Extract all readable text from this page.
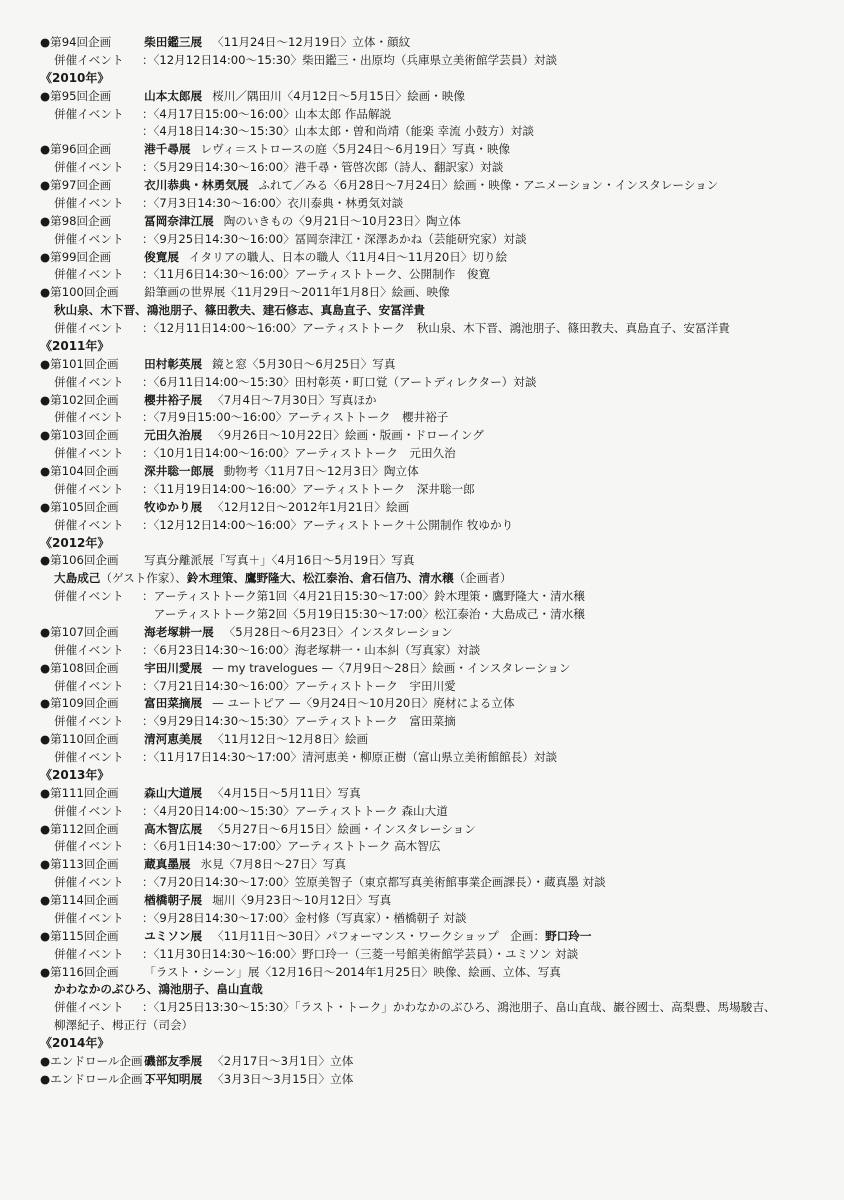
●第94回企画	柴田鑑三展 〈11月24日〜12月19日〉立体・顔紋
併催イベント ：〈12月12日14:00〜15:30〉柴田鑑三・出原均（兵庫県立美術館学芸員）対談
《2010年》
●第95回企画	山本太郎展 桜川／隅田川〈4月12日〜5月15日〉絵画・映像
併催イベント ：〈4月17日15:00〜16:00〉山本太郎 作品解説
：〈4月18日14:30〜15:30〉山本太郎・曽和尚靖（能楽 幸流 小鼓方）対談
●第96回企画	港千尋展 レヴィ＝ストロースの庭〈5月24日〜6月19日〉写真・映像
併催イベント ：〈5月29日14:30〜16:00〉港千尋・管啓次郎（詩人、翻訳家）対談
●第97回企画	衣川恭典・林勇気展 ふれて／みる〈6月28日〜7月24日〉絵画・映像・アニメーション・インスタレーション
併催イベント ：〈7月3日14:30〜16:00〉衣川泰典・林勇気対談
●第98回企画	冨岡奈津江展 陶のいきもの〈9月21日〜10月23日〉陶立体
併催イベント ：〈9月25日14:30〜16:00〉冨岡奈津江・深澤あかね（芸能研究家）対談
●第99回企画	俊寛展 イタリアの職人、日本の職人〈11月4日〜11月20日〉切り絵
併催イベント ：〈11月6日14:30〜16:00〉アーティストトーク、公開制作　俊寛
●第100回企画 鉛筆画の世界展〈11月29日〜2011年1月8日〉絵画、映像
秋山泉、木下晋、鴻池朋子、篠田教夫、建石修志、真島直子、安冨洋貴
併催イベント ：〈12月11日14:00〜16:00〉アーティストトーク　秋山泉、木下晋、鴻池朋子、篠田教夫、真島直子、安冨洋貴
《2011年》
●第101回企画 田村彰英展 鏡と窓〈5月30日〜6月25日〉写真
併催イベント ：〈6月11日14:00〜15:30〉田村彰英・町口覚（アートディレクター）対談
●第102回企画 櫻井裕子展 〈7月4日〜7月30日〉写真ほか
併催イベント ：〈7月9日15:00〜16:00〉アーティストトーク　櫻井裕子
●第103回企画 元田久治展 〈9月26日〜10月22日〉絵画・版画・ドローイング
併催イベント ：〈10月1日14:00〜16:00〉アーティストトーク　元田久治
●第104回企画 深井聡一郎展 動物考〈11月7日〜12月3日〉陶立体
併催イベント ：〈11月19日14:00〜16:00〉アーティストトーク　深井聡一郎
●第105回企画 牧ゆかり展 〈12月12日〜2012年1月21日〉絵画
併催イベント ：〈12月12日14:00〜16:00〉アーティストトーク＋公開制作 牧ゆかり
《2012年》
●第106回企画 写真分離派展「写真＋」〈4月16日〜5月19日〉写真
大島成己（ゲスト作家）、鈴木理策、鷹野隆大、松江泰治、倉石信乃、清水穣（企画者）
併催イベント ：アーティストトーク第1回〈4月21日15:30〜17:00〉鈴木理策・鷹野隆大・清水穣
　アーティストトーク第2回〈5月19日15:30〜17:00〉松江泰治・大島成己・清水穣
●第107回企画 海老塚耕一展 〈5月28日〜6月23日〉インスタレーション
併催イベント ：〈6月23日14:30〜16:00〉海老塚耕一・山本糾（写真家）対談
●第108回企画 宇田川愛展 — my travelogues —〈7月9日〜28日〉絵画・インスタレーション
併催イベント ：〈7月21日14:30〜16:00〉アーティストトーク　宇田川愛
●第109回企画 富田菜摘展 — ユートピア —〈9月24日〜10月20日〉廃材による立体
併催イベント ：〈9月29日14:30〜15:30〉アーティストトーク　富田菜摘
●第110回企画 清河恵美展 〈11月12日〜12月8日〉絵画
併催イベント ：〈11月17日14:30〜17:00〉清河恵美・柳原正樹（富山県立美術館館長）対談
《2013年》
●第111回企画 森山大道展 〈4月15日〜5月11日〉写真
併催イベント ：〈4月20日14:00〜15:30〉アーティストトーク 森山大道
●第112回企画 高木智広展 〈5月27日〜6月15日〉絵画・インスタレーション
併催イベント ：〈6月1日14:30〜17:00〉アーティストトーク 高木智広
●第113回企画 蔵真墨展 氷見〈7月8日〜27日〉写真
併催イベント ：〈7月20日14:30〜17:00〉笠原美智子（東京都写真美術館事業企画課長）・蔵真墨 対談
●第114回企画 楢橋朝子展 堀川〈9月23日〜10月12日〉写真
併催イベント ：〈9月28日14:30〜17:00〉金村修（写真家）・楢橋朝子 対談
●第115回企画 ユミソン展 〈11月11日〜30日〉パフォーマンス・ワークショップ　企画：野口玲一
併催イベント ：〈11月30日14:30〜16:00〉野口玲一（三菱一号館美術館学芸員）・ユミソン 対談
●第116回企画 「ラスト・シーン」展〈12月16日〜2014年1月25日〉映像、絵画、立体、写真
かわなかのぶひろ、鴻池朋子、畠山直哉
併催イベント ：〈1月25日13:30〜15:30〉「ラスト・トーク」かわなかのぶひろ、鴻池朋子、畠山直哉、巖谷國士、高梨豊、馬場駿吉、
柳澤紀子、栂正行（司会）
《2014年》
●エンドロール企画１磯部友季展 〈2月17日〜3月1日〉立体
●エンドロール企画２下平知明展 〈3月3日〜3月15日〉立体
